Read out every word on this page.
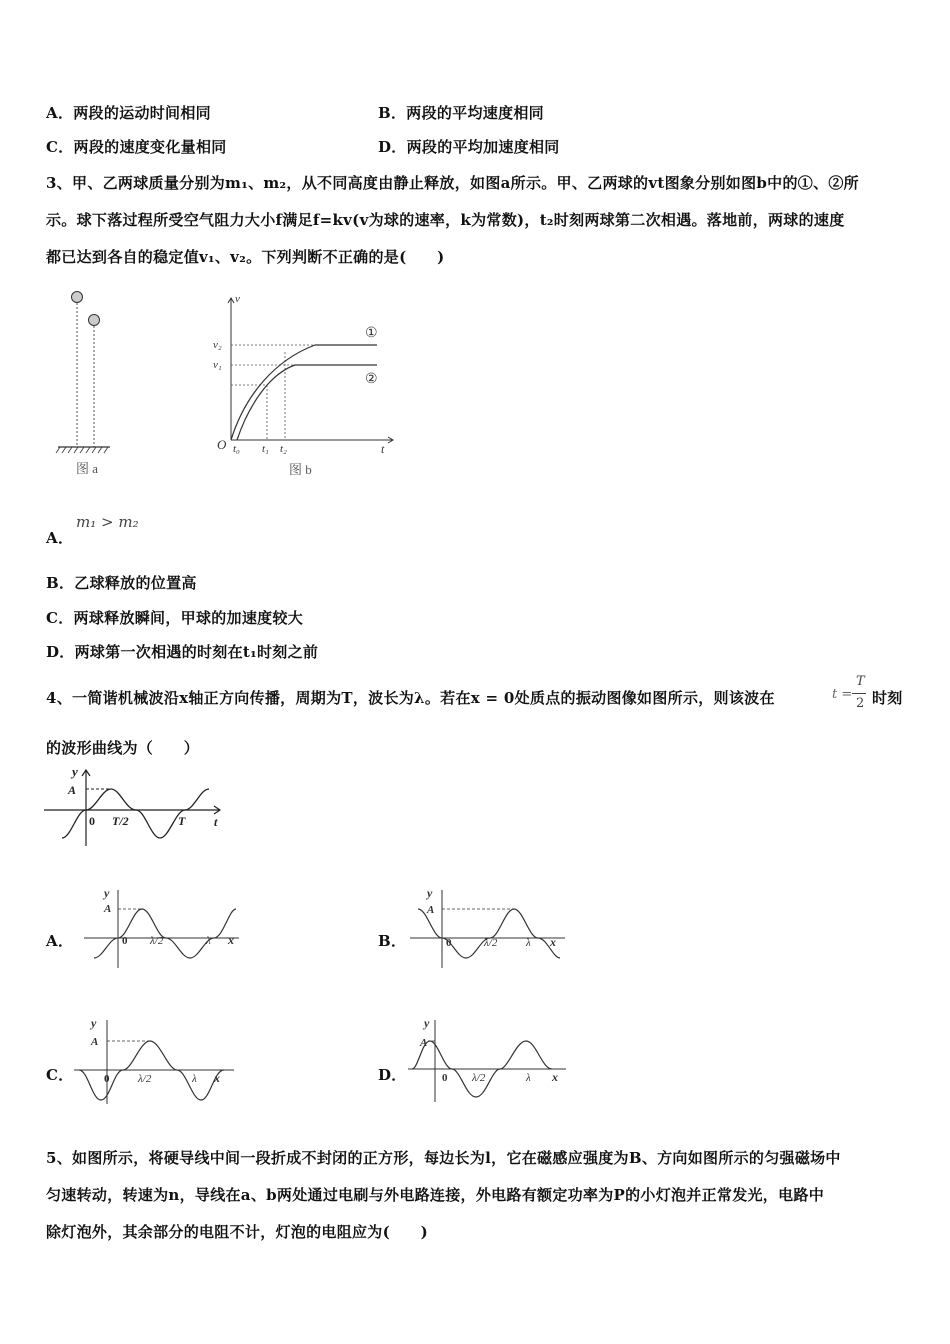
A．两段的运动时间相同	B．两段的平均速度相同
C．两段的速度变化量相同	D．两段的平均加速度相同
3、甲、乙两球质量分别为m₁、m₂，从不同高度由静止释放，如图a所示。甲、乙两球的vt图象分别如图b中的①、②所
示。球下落过程所受空气阻力大小f满足f=kv(v为球的速率，k为常数)，t₂时刻两球第二次相遇。落地前，两球的速度
都已达到各自的稳定值v₁、v₂。下列判断不正确的是(　　)
图 a
v
t
O
v₂
v₁
t₀ t₁ t₂
①
②
图 b
A．
m₁ > m₂
B．乙球释放的位置高
C．两球释放瞬间，甲球的加速度较大
D．两球第一次相遇的时刻在t₁时刻之前
4、一简谐机械波沿x轴正方向传播，周期为T，波长为λ。若在x = 0处质点的振动图像如图所示，则该波在	t =
T
2 时刻
的波形曲线为（　　）
y
A
0 T/2	T t
A．
y
A
0 λ/2	λ x	B．
y
A
0	λ/2	λ x
C．
y
A
0	λ/2	λ x	D．
y
A
0 λ/2	λ x
5、如图所示，将硬导线中间一段折成不封闭的正方形，每边长为l，它在磁感应强度为B、方向如图所示的匀强磁场中
匀速转动，转速为n，导线在a、b两处通过电刷与外电路连接，外电路有额定功率为P的小灯泡并正常发光，电路中
除灯泡外，其余部分的电阻不计，灯泡的电阻应为(　　)
